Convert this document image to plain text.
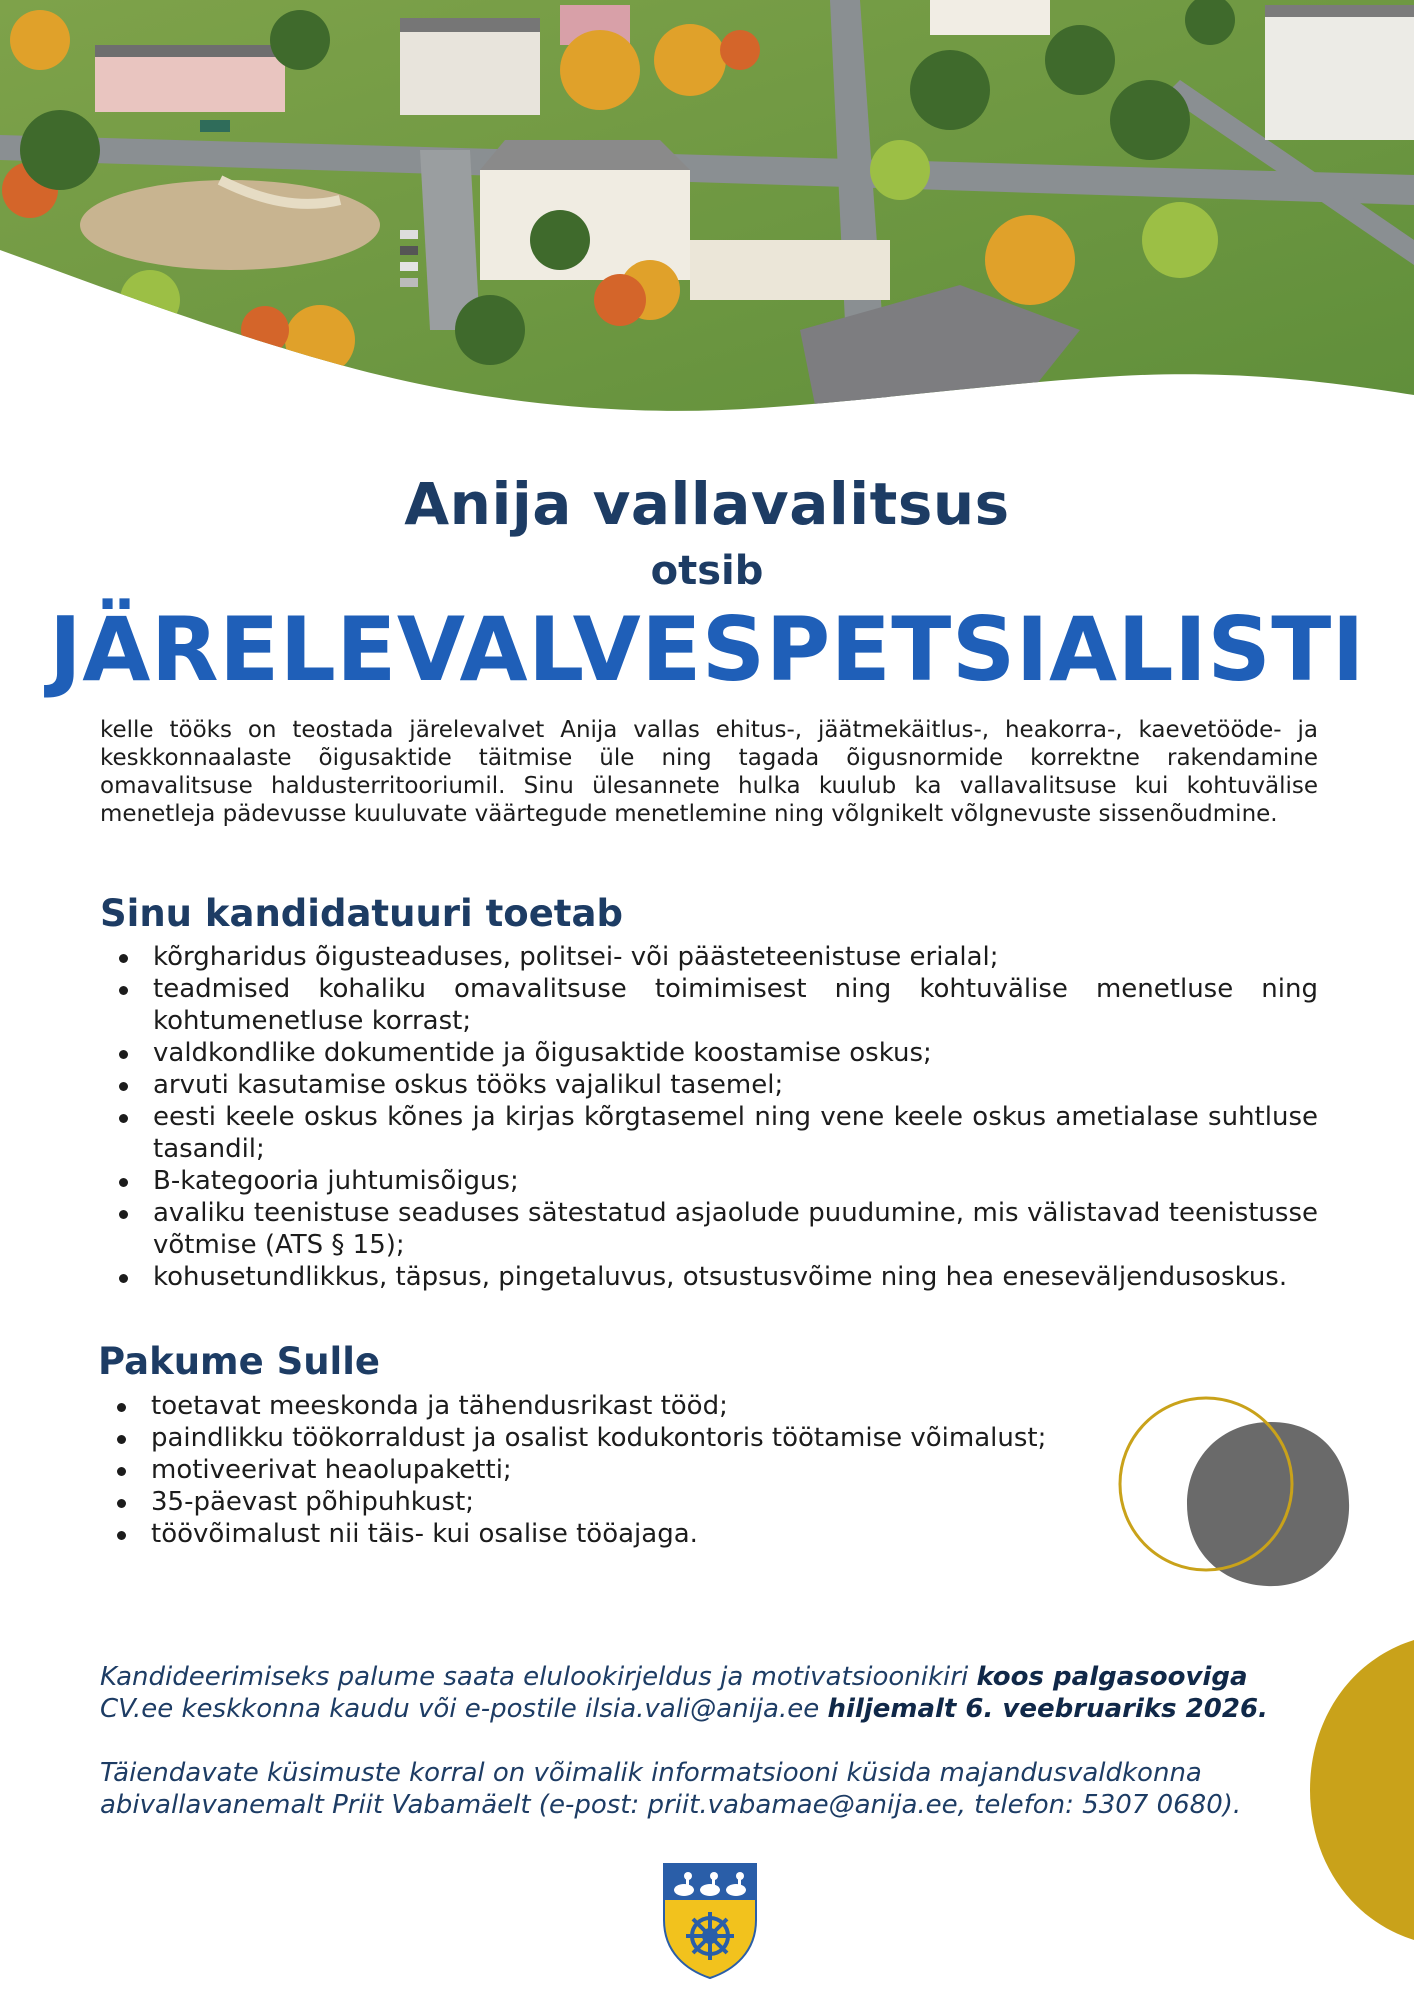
Anija vallavalitsus
otsib
JÄRELEVALVESPETSIALISTI

kelle tööks on teostada järelevalvet Anija vallas ehitus-, jäätmekäitlus-, heakorra-, kaevetööde- ja keskkonnaalaste õigusaktide täitmise üle ning tagada õigusnormide korrektne rakendamine omavalitsuse haldusterritooriumil. Sinu ülesannete hulka kuulub ka vallavalitsuse kui kohtuvälise menetleja pädevusse kuuluvate väärtegude menetlemine ning võlgnikelt võlgnevuste sissenõudmine.

Sinu kandidatuuri toetab
kõrgharidus õigusteaduses, politsei- või päästeteenistuse erialal;
teadmised kohaliku omavalitsuse toimimisest ning kohtuvälise menetluse ning kohtumenetluse korrast;
valdkondlike dokumentide ja õigusaktide koostamise oskus;
arvuti kasutamise oskus tööks vajalikul tasemel;
eesti keele oskus kõnes ja kirjas kõrgtasemel ning vene keele oskus ametialase suhtluse tasandil;
B-kategooria juhtumisõigus;
avaliku teenistuse seaduses sätestatud asjaolude puudumine, mis välistavad teenistusse võtmise (ATS § 15);
kohusetundlikkus, täpsus, pingetaluvus, otsustusvõime ning hea eneseväljendusoskus.
Pakume Sulle
toetavat meeskonda ja tähendusrikast tööd;
paindlikku töökorraldust ja osalist kodukontoris töötamise võimalust;
motiveerivat heaolupaketti;
35-päevast põhipuhkust;
töövõimalust nii täis- kui osalise tööajaga.

Kandideerimiseks palume saata elulookirjeldus ja motivatsioonikiri koos palgasooviga
CV.ee keskkonna kaudu või e-postile ilsia.vali@anija.ee hiljemalt 6. veebruariks 2026.

Täiendavate küsimuste korral on võimalik informatsiooni küsida majandusvaldkonna
abivallavanemalt Priit Vabamäelt (e-post: priit.vabamae@anija.ee, telefon: 5307 0680).
